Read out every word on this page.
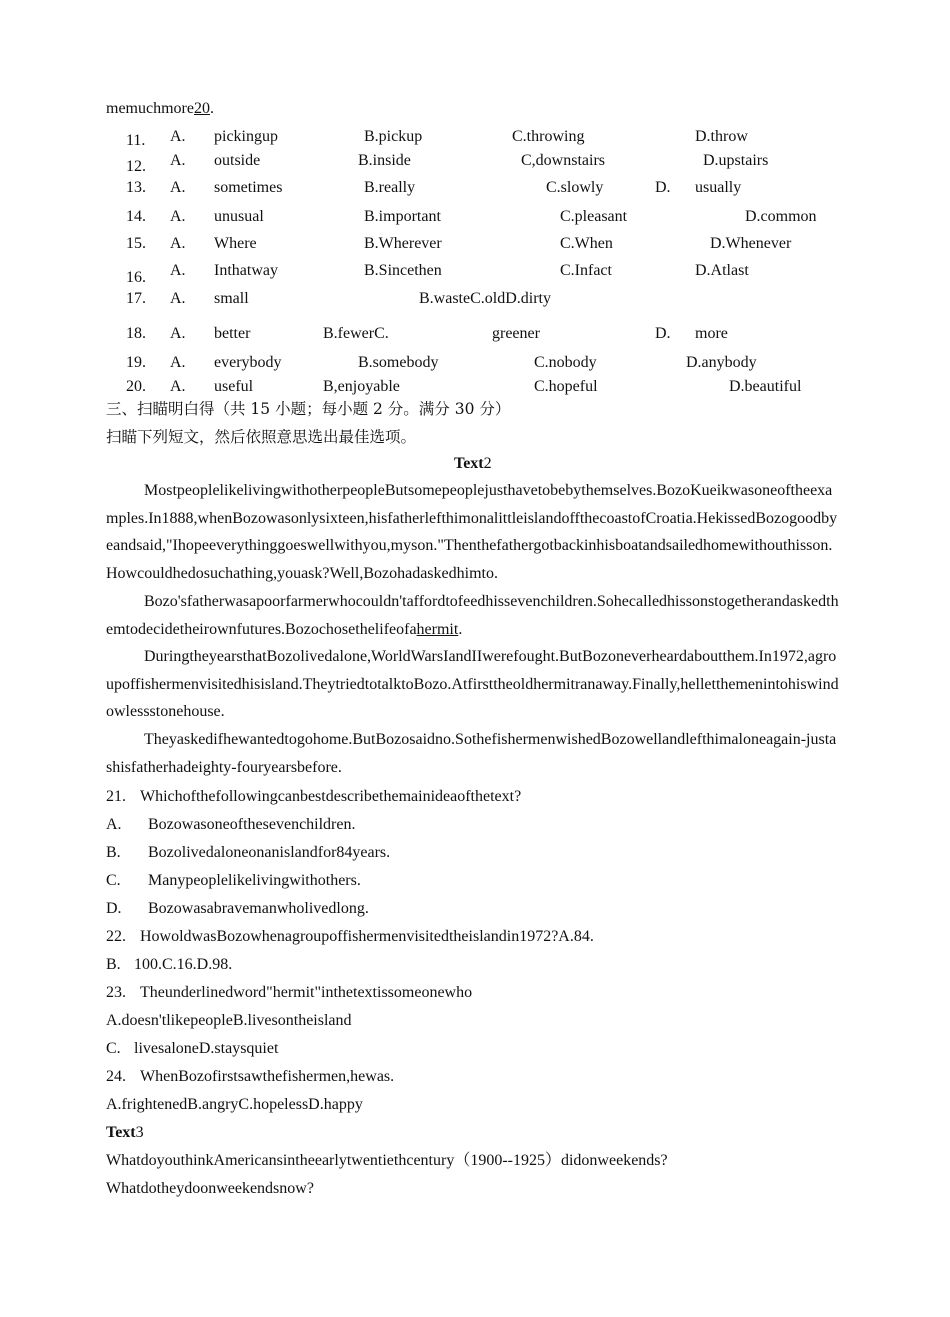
memuchmore20.
11. A. pickingup	B.pickup	C.throwing	D.throw
12. A. outside	B.inside	C,downstairs	D.upstairs
13. A. sometimes	B.really	C.slowly	D. usually
14. A. unusual	B.important	C.pleasant	D.common
15. A. Where	B.Wherever	C.When	D.Whenever
16. A. Inthatway	B.Sincethen	C.Infact	D.Atlast
17. A. small	B.wasteC.oldD.dirty
18. A. better	B.fewerC.	greener	D. more
19. A. everybody	B.somebody	C.nobody	D.anybody
20. A. useful	B,enjoyable	C.hopeful	D.beautiful
三、扫瞄明白得（共 15 小题；每小题 2 分。满分 30 分）
扫瞄下列短文，然后依照意思选出最佳选项。
Text2
MostpeoplelikelivingwithotherpeopleButsomepeoplejusthavetobebythemselves.BozoKueikwasoneoftheexamples.In1888,whenBozowasonlysixteen,hisfatherlefthimonalittleislandoffthecoastofCroatia.HekissedBozogoodbyeandsaid,"Ihopeeverythinggoeswellwithyou,myson."Thenthefathergotbackinhisboatandsailedhomewithouthisson.Howcouldhedosuchathing,youask?Well,Bozohadaskedhimto.
Bozo'sfatherwasapoorfarmerwhocouldn'taffordtofeedhissevenchildren.Sohecalledhissonstogetherandaskedthemtodecidetheirownfutures.Bozochosethelifeofahermit.
DuringtheyearsthatBozolivedalone,WorldWarsIandIIwerefought.ButBozoneverheardaboutthem.In1972,agroupoffishermenvisitedhisisland.TheytriedtotalktoBozo.Atfirsttheoldhermitranaway.Finally,helletthemenintohiswindowlessstonehouse.
Theyaskedifhewantedtogohome.ButBozosaidno.SothefishermenwishedBozowellandlefthimaloneagain-justashisfatherhadeighty-fouryearsbefore.
21. Whichofthefollowingcanbestdescribethemainideaofthetext?
A. Bozowasoneofthesevenchildren.
B. Bozolivedaloneonanislandfor84years.
C. Manypeoplelikelivingwithothers.
D. Bozowasabravemanwholivedlong.
22. HowoldwasBozowhenagroupoffishermenvisitedtheislandin1972?A.84.
B. 100.C.16.D.98.
23. Theunderlinedword"hermit"inthetextissomeonewho
A.doesn'tlikepeopleB.livesontheisland
C. livesaloneD.staysquiet
24. WhenBozofirstsawthefishermen,hewas.
A.frightenedB.angryC.hopelessD.happy
Text3
WhatdoyouthinkAmericansintheearlytwentiethcentury（1900--1925）didonweekends?
Whatdotheydoonweekendsnow?
